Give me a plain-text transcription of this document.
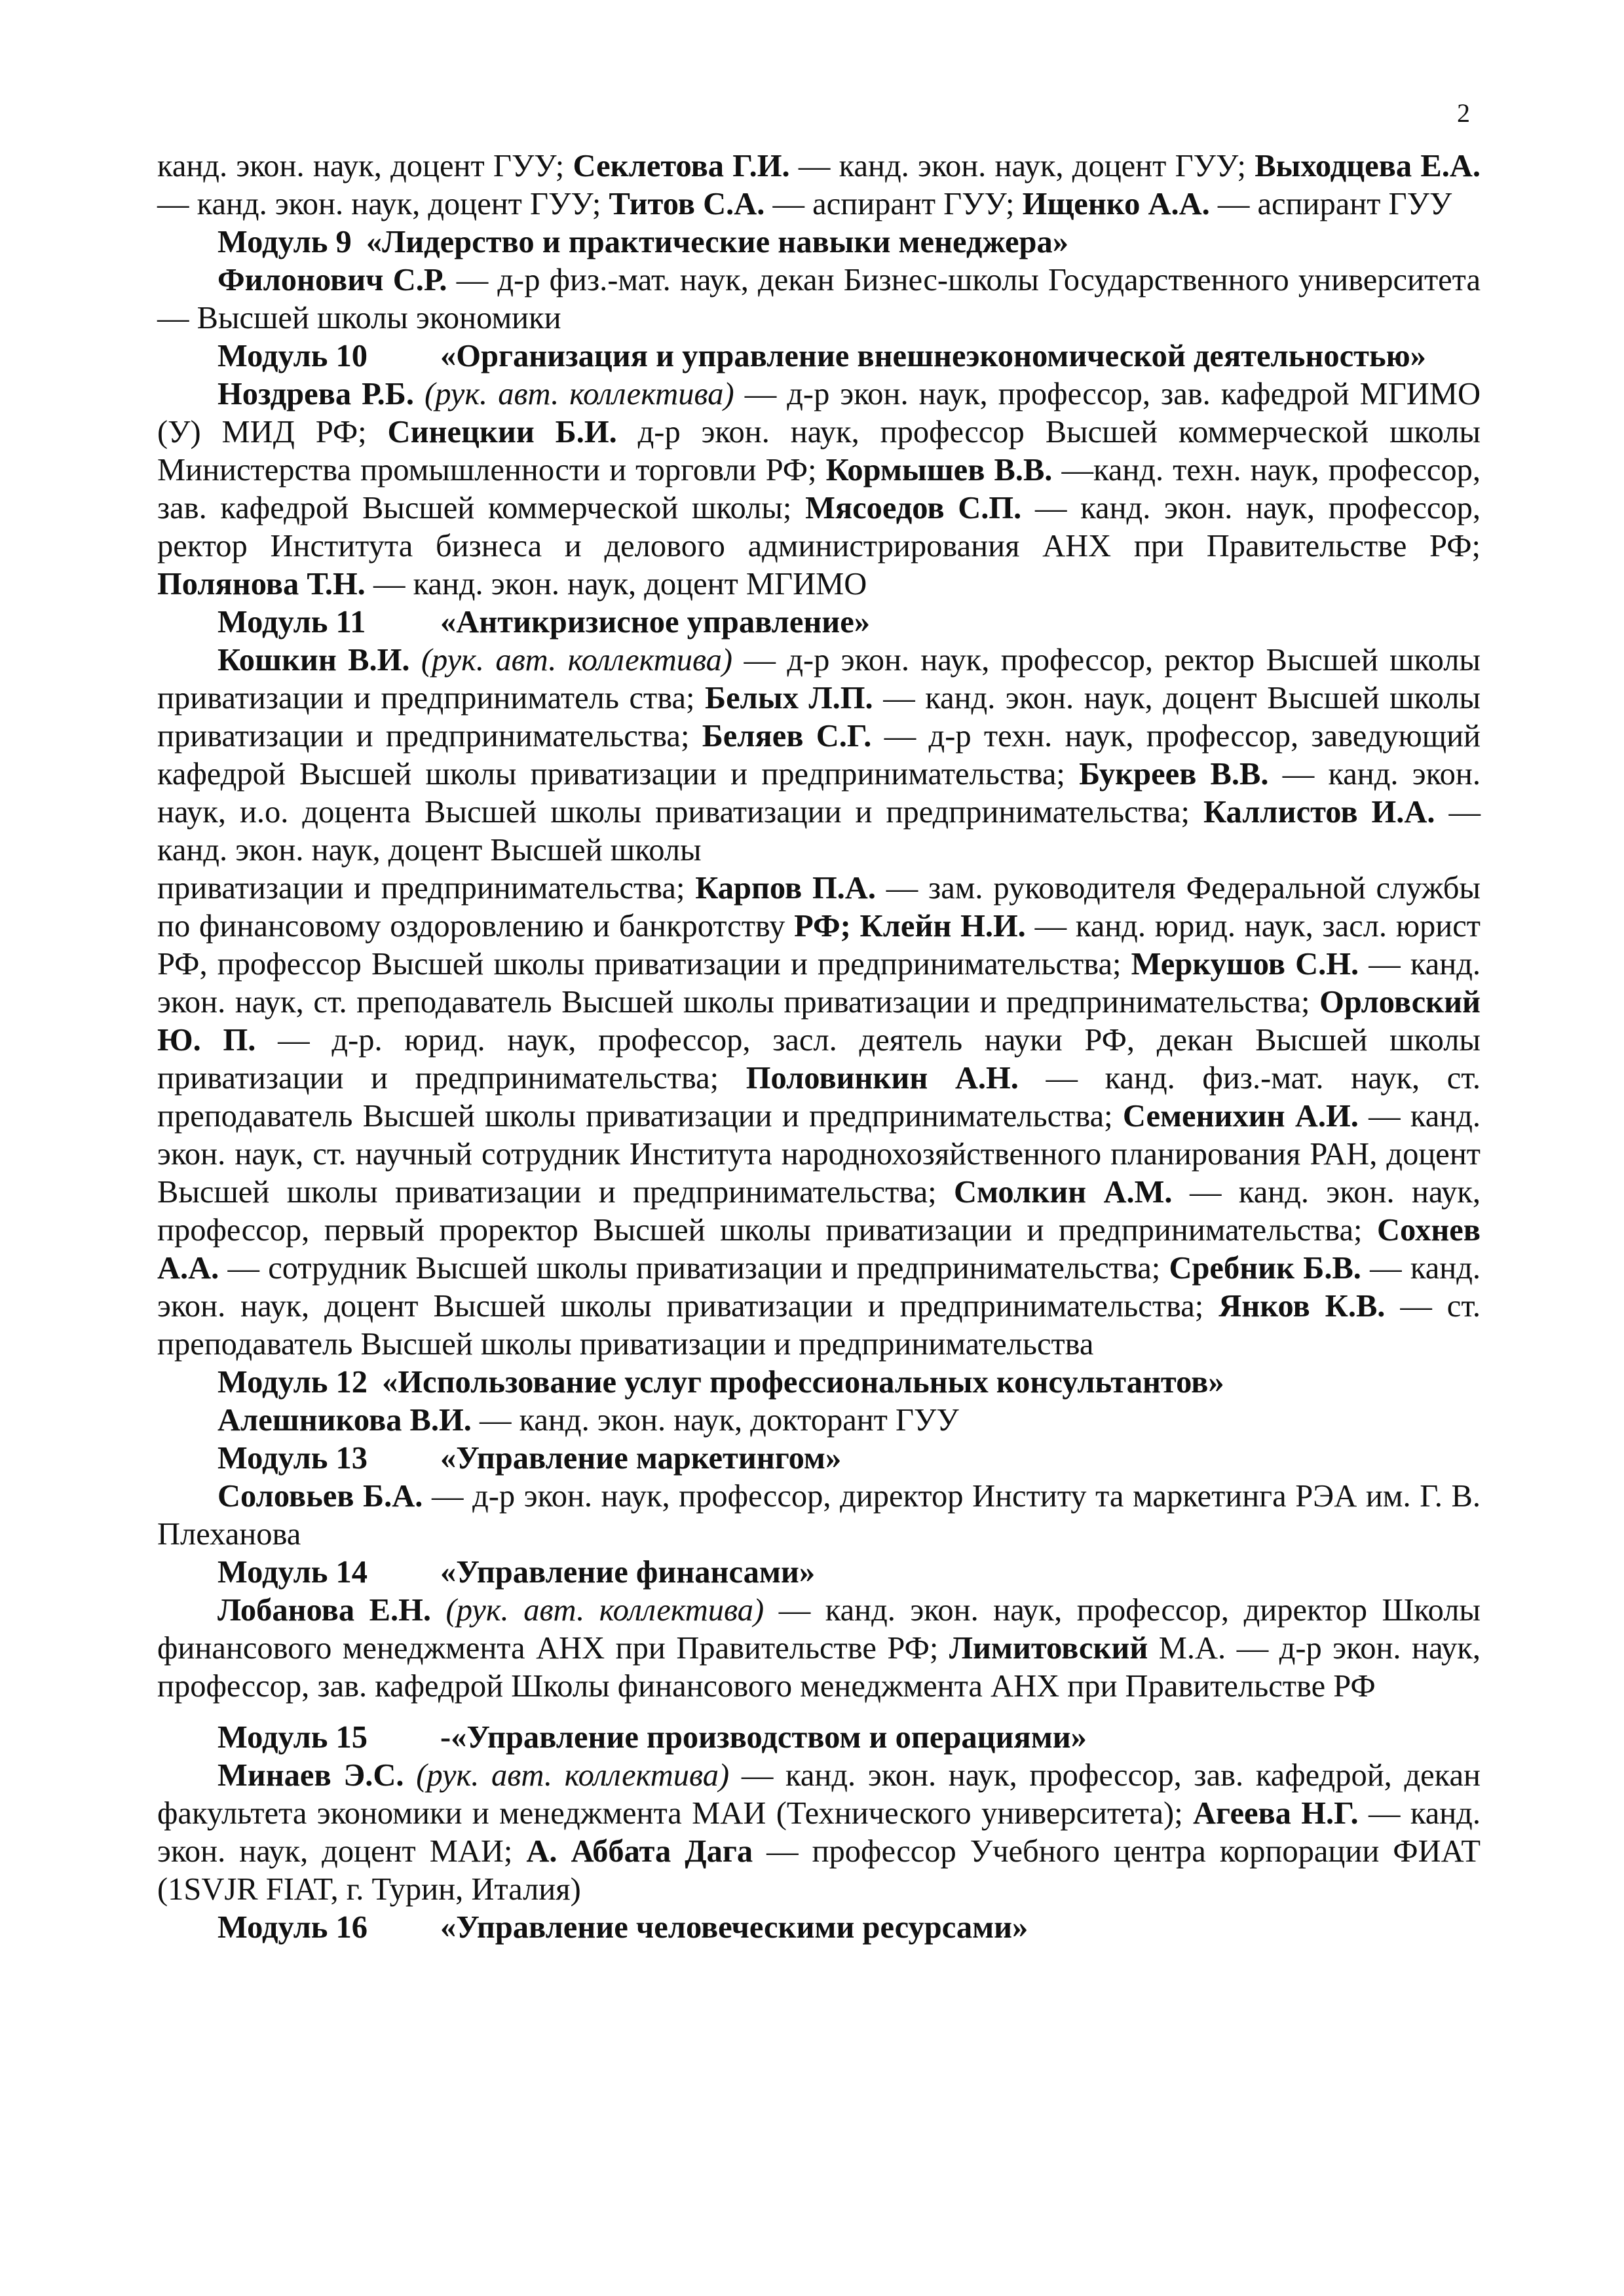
2

канд. экон. наук, доцент ГУУ; Секлетова Г.И. — канд. экон. наук, доцент ГУУ; Выходцева Е.А. — канд. экон. наук, доцент ГУУ; Титов С.А. — аспирант ГУУ; Ищенко А.А. — аспирант ГУУ

Модуль 9 «Лидерство и практические навыки менеджера»

Филонович С.Р. — д-р физ.-мат. наук, декан Бизнес-школы Государственного университета — Высшей школы экономики

Модуль 10 «Организация и управление внешнеэкономической деятельностью»

Ноздрева Р.Б. (рук. авт. коллектива) — д-р экон. наук, профессор, зав. кафедрой МГИМО (У) МИД РФ; Синецкии Б.И. д-р экон. наук, профессор Высшей коммерческой школы Министерства промышленности и торговли РФ; Кормышев В.В. —канд. техн. наук, профессор, зав. кафедрой Высшей коммерческой школы; Мясоедов С.П. — канд. экон. наук, профессор, ректор Института бизнеса и делового администрирования АНХ при Правительстве РФ; Полянова Т.Н. — канд. экон. наук, доцент МГИМО

Модуль 11 «Антикризисное управление»

Кошкин В.И. (рук. авт. коллектива) — д-р экон. наук, профессор, ректор Высшей школы приватизации и предприниматель ства; Белых Л.П. — канд. экон. наук, доцент Высшей школы приватизации и предпринимательства; Беляев С.Г. — д-р техн. наук, профессор, заведующий кафедрой Высшей школы приватизации и предпринимательства; Букреев В.В. — канд. экон. наук, и.о. доцента Высшей школы приватизации и предпринимательства; Каллистов И.А. — канд. экон. наук, доцент Высшей школы

приватизации и предпринимательства; Карпов П.А. — зам. руководителя Федеральной службы по финансовому оздоровлению и банкротству РФ; Клейн Н.И. — канд. юрид. наук, засл. юрист РФ, профессор Высшей школы приватизации и предпринимательства; Меркушов С.Н. — канд. экон. наук, ст. преподаватель Высшей школы приватизации и предпринимательства; Орловский Ю. П. — д-р. юрид. наук, профессор, засл. деятель науки РФ, декан Высшей школы приватизации и предпринимательства; Половинкин А.Н. — канд. физ.-мат. наук, ст. преподаватель Высшей школы приватизации и предпринимательства; Семенихин А.И. — канд. экон. наук, ст. научный сотрудник Института народнохозяйственного планирования РАН, доцент Высшей школы приватизации и предпринимательства; Смолкин А.М. — канд. экон. наук, профессор, первый проректор Высшей школы приватизации и предпринимательства; Сохнев А.А. — сотрудник Высшей школы приватизации и предпринимательства; Сребник Б.В. — канд. экон. наук, доцент Высшей школы приватизации и предпринимательства; Янков К.В. — ст. преподаватель Высшей школы приватизации и предпринимательства

Модуль 12 «Использование услуг профессиональных консультантов»

Алешникова В.И. — канд. экон. наук, докторант ГУУ

Модуль 13 «Управление маркетингом»

Соловьев Б.А. — д-р экон. наук, профессор, директор Институ та маркетинга РЭА им. Г. В. Плеханова

Модуль 14 «Управление финансами»

Лобанова Е.Н. (рук. авт. коллектива) — канд. экон. наук, профессор, директор Школы финансового менеджмента АНХ при Правительстве РФ; Лимитовский М.А. — д-р экон. наук, профессор, зав. кафедрой Школы финансового менеджмента АНХ при Правительстве РФ

Модуль 15 -«Управление производством и операциями»

Минаев Э.С. (рук. авт. коллектива) — канд. экон. наук, профессор, зав. кафедрой, декан факультета экономики и менеджмента МАИ (Технического университета); Агеева Н.Г. — канд. экон. наук, доцент МАИ; А. Аббата Дага — профессор Учебного центра корпорации ФИАТ (1SVJR FIAT, г. Турин, Италия)

Модуль 16 «Управление человеческими ресурсами»
